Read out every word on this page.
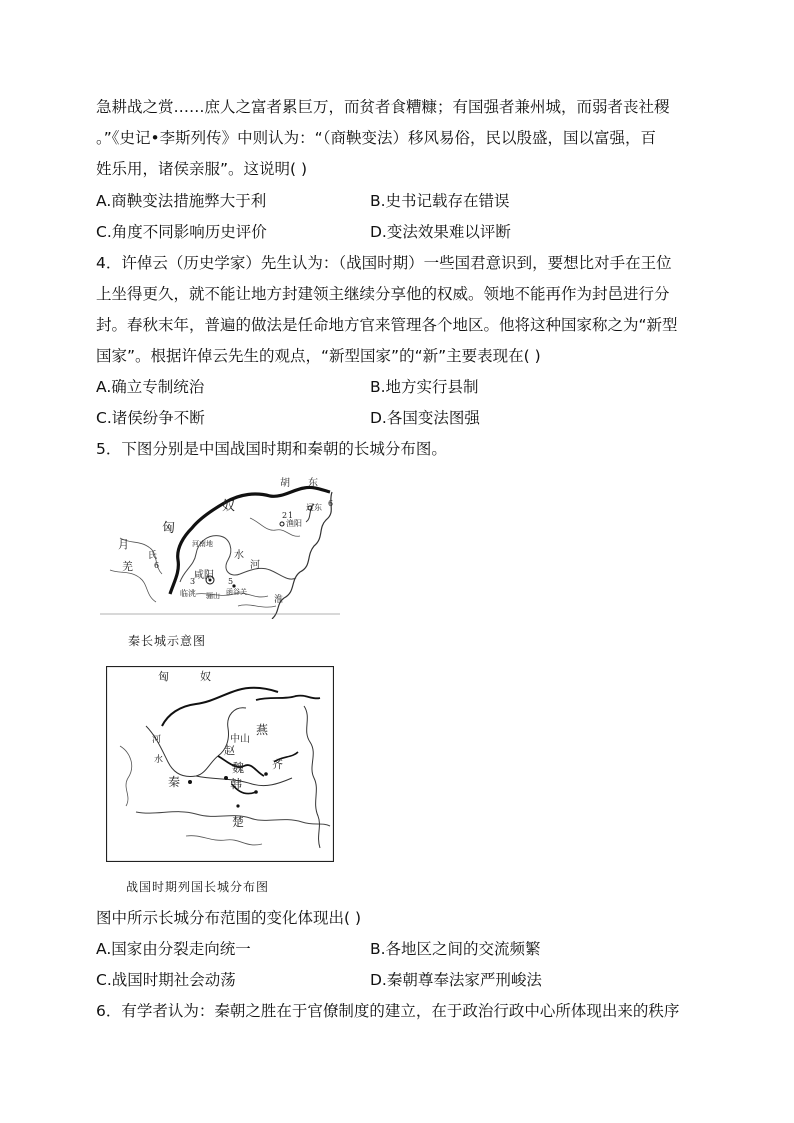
急耕战之赏……庶人之富者累巨万，而贫者食糟糠；有国强者兼州城，而弱者丧社稷
。”《史记•李斯列传》中则认为：“（商鞅变法）移风易俗，民以殷盛，国以富强，百
姓乐用，诸侯亲服”。这说明( )
A.商鞅变法措施弊大于利	B.史书记载存在错误
C.角度不同影响历史评价	D.变法效果难以评断
4．许倬云（历史学家）先生认为：（战国时期）一些国君意识到，要想比对手在王位
上坐得更久，就不能让地方封建领主继续分享他的权威。领地不能再作为封邑进行分
封。春秋末年，普遍的做法是任命地方官来管理各个地区。他将这种国家称之为“新型
国家”。根据许倬云先生的观点，“新型国家”的“新”主要表现在( )
A.确立专制统治	B.地方实行县制
C.诸侯纷争不断	D.各国变法图强
5．下图分别是中国战国时期和秦朝的长城分布图。
胡 东
奴
匈
辽东
渔阳
河南地
月
氏
羌
咸阳
临洮	函谷关
骊山
河
水
淮
1
2
3	5
6
6
秦长城示意图
匈	奴
中山
燕
赵
秦
魏
韩
楚
齐
河
水
战国时期列国长城分布图
图中所示长城分布范围的变化体现出( )
A.国家由分裂走向统一	B.各地区之间的交流频繁
C.战国时期社会动荡	D.秦朝尊奉法家严刑峻法
6．有学者认为：秦朝之胜在于官僚制度的建立，在于政治行政中心所体现出来的秩序
